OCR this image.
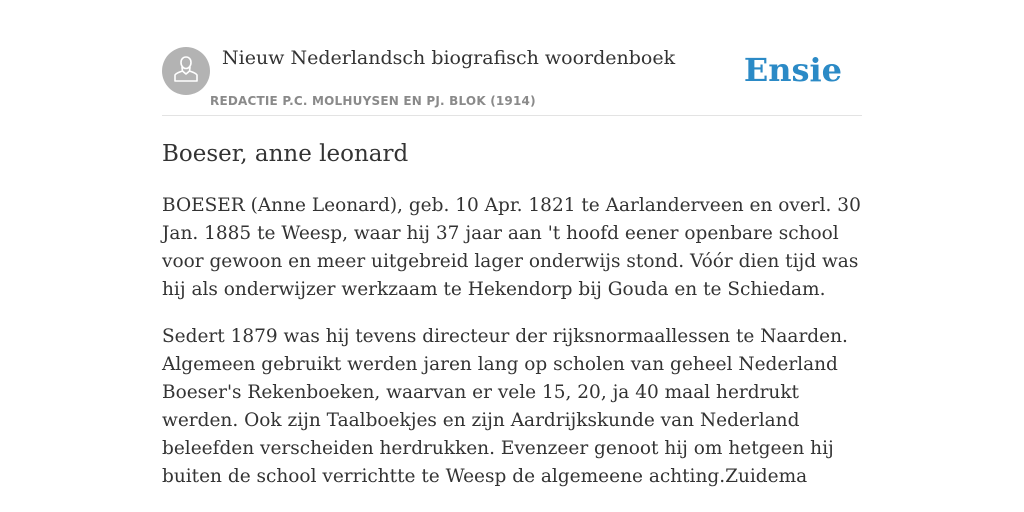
Nieuw Nederlandsch biografisch woordenboek
REDACTIE P.C. MOLHUYSEN EN PJ. BLOK (1914)
Ensie
Boeser, anne leonard

BOESER (Anne Leonard), geb. 10 Apr. 1821 te Aarlanderveen en overl. 30 Jan. 1885 te Weesp, waar hij 37 jaar aan 't hoofd eener openbare school voor gewoon en meer uitgebreid lager onderwijs stond. Vóór dien tijd was hij als onderwijzer werkzaam te Hekendorp bij Gouda en te Schiedam.

Sedert 1879 was hij tevens directeur der rijksnormaallessen te Naarden. Algemeen gebruikt werden jaren lang op scholen van geheel Nederland Boeser's Rekenboeken, waarvan er vele 15, 20, ja 40 maal herdrukt werden. Ook zijn Taalboekjes en zijn Aardrijkskunde van Nederland beleefden verscheiden herdrukken. Evenzeer genoot hij om hetgeen hij buiten de school verrichtte te Weesp de algemeene achting.Zuidema
